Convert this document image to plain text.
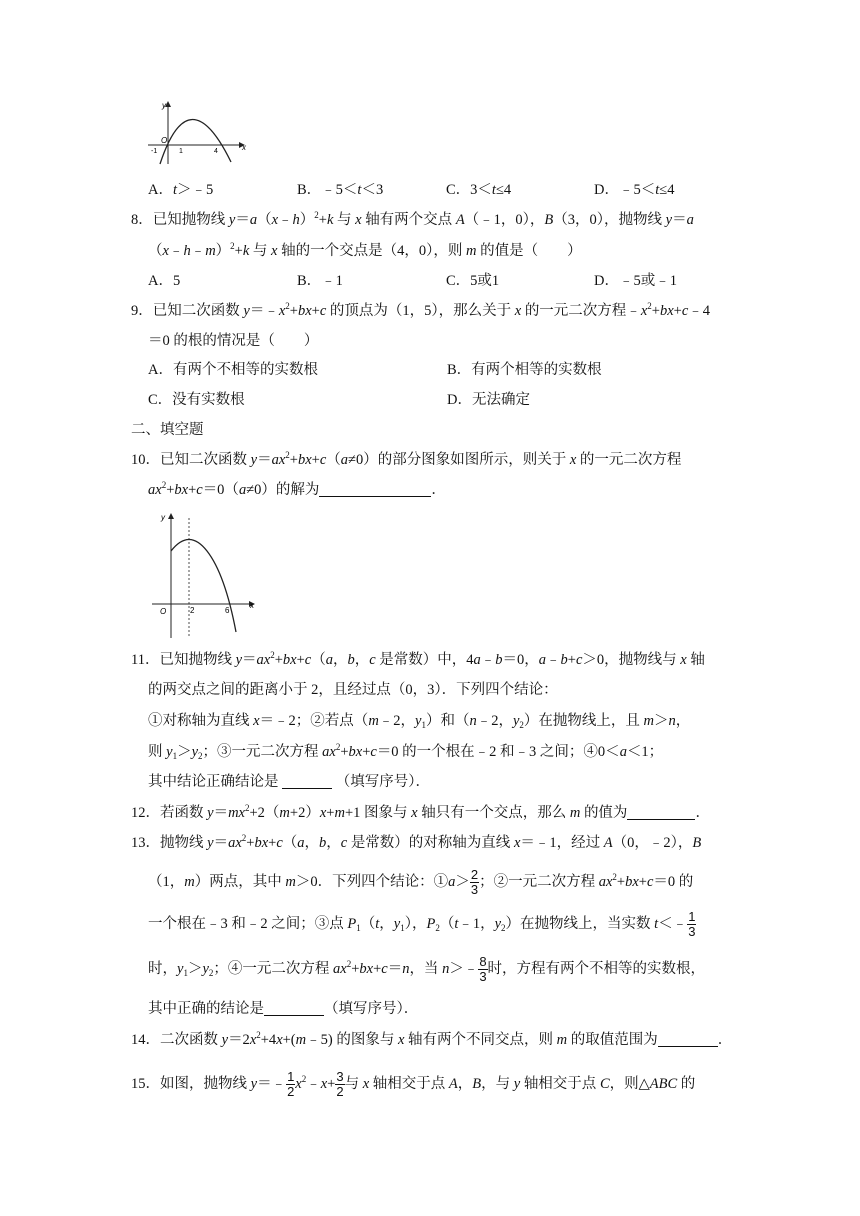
x
y
O
-1	1	4
A．t＞﹣5	B．﹣5＜t＜3	C．3＜t≤4	D．﹣5＜t≤4
8．已知抛物线 y＝a（x﹣h）$^2$+k 与 x 轴有两个交点 A（﹣1，0），B（3，0），抛物线 y＝a
（x﹣h﹣m）$^2$+k 与 x 轴的一个交点是（4，0），则 m 的值是（　　）
A．5	B．﹣1	C．5或1	D．﹣5或﹣1
9．已知二次函数 $y=﹣x^2+bx+c$ 的顶点为（1，5），那么关于 x 的一元二次方程$﹣x^2+bx+c﹣4$
＝0 的根的情况是（　　）
A．有两个不相等的实数根	B．有两个相等的实数根
C．没有实数根	D．无法确定
二、填空题
10．已知二次函数 $y=ax^2+bx+c(a\ne 0)$的部分图象如图所示，则关于 x 的一元二次方程
$ax^2+bx+c=0(a\ne 0)$的解为	．
x
y
O	2	6
11．已知抛物线 $y=ax^2+bx+c(a$，b，c 是常数）中，4a﹣b＝0，a﹣b+c＞0，抛物线与 x 轴
的两交点之间的距离小于 2，且经过点（0，3）．下列四个结论：
①对称轴为直线 x＝﹣2；②若点（m﹣2，$y_1$）和（n﹣2，$y_2$）在抛物线上，且 m＞n，
则 $y_1>y_2$；③一元二次方程 $ax^2+bx+c=0$ 的一个根在﹣2 和﹣3 之间；④0＜a＜1；
其中结论正确结论是	（填写序号）．
12．若函数 $y=mx^2+2(m+2)x+m+1$ 图象与 x 轴只有一个交点，那么 m 的值为	．
13．抛物线 $y=ax^2+bx+c(a$，b，c 是常数）的对称轴为直线 x＝﹣1，经过 A（0，﹣2），B
（1，m）两点，其中 m＞0．下列四个结论：①a＞ $\frac{2}{3}$ ；②一元二次方程 $ax^2+bx+c=0$ 的
一个根在﹣3 和﹣2 之间；③点 $P_1(t$，$y_1$），$P_2(t﹣1$，$y_2$）在抛物线上，当实数 t＜﹣ $\frac{1}{3}$
时，$y_1>y_2$；④一元二次方程 $ax^2+bx+c=n$，当 n＞﹣ $\frac{8}{3}$ 时，方程有两个不相等的实数根，
其中正确的结论是	（填写序号）．
14．二次函数 $y=2x^2+4x+(m﹣5)$ 的图象与 x 轴有两个不同交点，则 m 的取值范围为	．
15．如图，抛物线 y＝﹣ $\frac{1}{2}$ $x^2﹣x+ \frac{3}{2}$ 与 x 轴相交于点 A，B，与 y 轴相交于点 C，则△ABC 的
